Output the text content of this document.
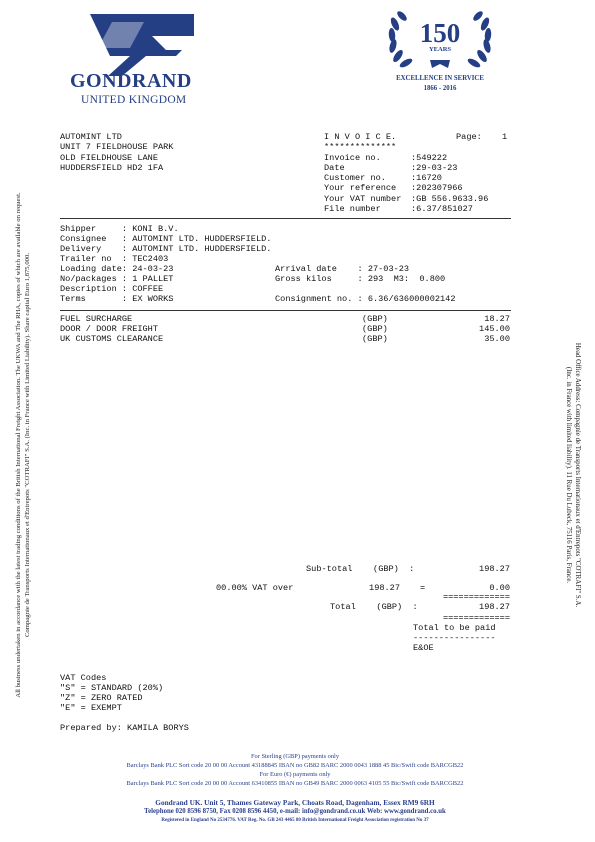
GONDRAND
UNITED KINGDOM
150
YEARS
EXCELLENCE IN SERVICE
1866 - 2016
All business undertaken in accordance with the latest trading conditions of the British International Freight Association. The UKWA and The RHA, copies of which are available on request. Compagnie de Transports Internationaux et d'Entrepots "COTRAFI" S.A. (Inc. in France with Limited Liability). Share capital Euro 1,875,000.	Head Office Address: Compagnie de Transports Internationaux et d'Entrepots "COTRAFI" S.A.
(Inc. in France with limited liability). 11 Rue Du Lubeck, 75116 Paris, France.
AUTOMINT LTD
UNIT 7 FIELDHOUSE PARK
OLD FIELDHOUSE LANE
HUDDERSFIELD HD2 1FA
I N V O I C E.	Page: 1
**************
Invoice no. :549222
Date :29-03-23
Customer no. :16720
Your reference :202307966
Your VAT number :GB 556.9633.96
File number :6.37/851027
Shipper     : KONI B.V.
Consignee   : AUTOMINT LTD. HUDDERSFIELD.
Delivery    : AUTOMINT LTD. HUDDERSFIELD.
Trailer no  : TEC2403
Loading date: 24-03-23	Arrival date    : 27-03-23
No/packages : 1 PALLET	Gross kilos     : 293  M3:  0.800
Description : COFFEE
Terms       : EX WORKS	Consignment no. : 6.36/636000002142
FUEL SURCHARGE	(GBP)	18.27
DOOR / DOOR FREIGHT	(GBP)	145.00
UK CUSTOMS CLEARANCE	(GBP)	35.00
Sub-total    (GBP)  :	198.27
00.00% VAT over	198.27 =	0.00
=============
Total    (GBP)  :	198.27
=============
Total to be paid
----------------
E&OE
VAT Codes
"S" = STANDARD (20%)
"Z" = ZERO RATED
"E" = EXEMPT
Prepared by: KAMILA BORYS
For Sterling (GBP) payments only
Barclays Bank PLC Sort code 20 00 00 Account 43188845 IBAN no GB82 BARC 2000 0043 1888 45 Bic/Swift code BARCGB22
For Euro (€) payments only
Barclays Bank PLC Sort code 20 00 00 Account 63410855 IBAN no GB49 BARC 2000 0063 4105 55 Bic/Swift code BARCGB22
Gondrand UK. Unit 5, Thames Gateway Park, Choats Road, Dagenham, Essex RM9 6RH
Telephone 020 8596 8750, Fax 0208 8596 4450, e-mail: info@gondrand.co.uk Web: www.gondrand.co.uk
Registered in England No 2534776. VAT Reg. No. GB 243 4465 80 British International Freight Association registration No 37
